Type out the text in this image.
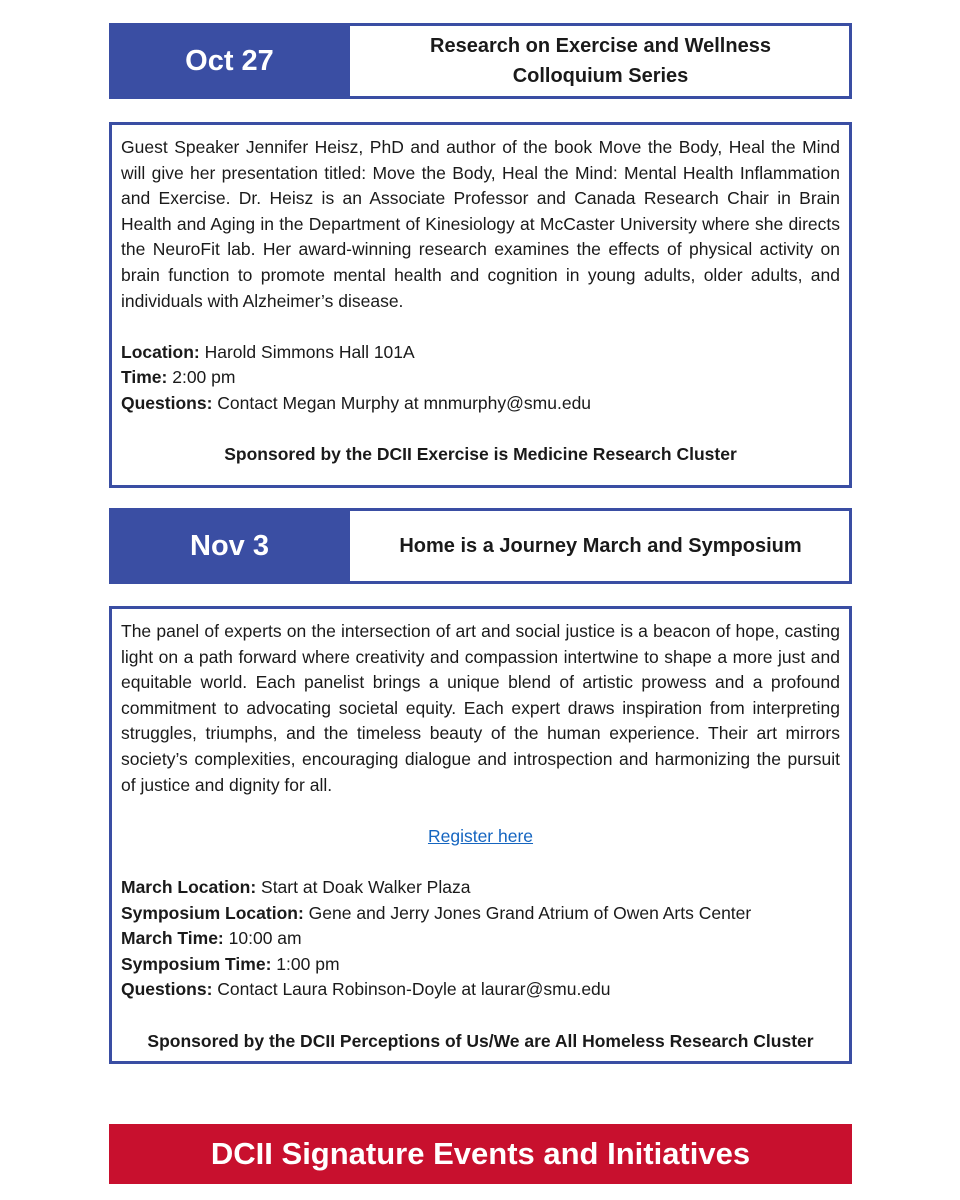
Oct 27	Research on Exercise and Wellness
Colloquium Series

Guest Speaker Jennifer Heisz, PhD and author of the book Move the Body, Heal the Mind will give her presentation titled: Move the Body, Heal the Mind: Mental Health Inflammation and Exercise. Dr. Heisz is an Associate Professor and Canada Research Chair in Brain Health and Aging in the Department of Kinesiology at McCaster University where she directs the NeuroFit lab. Her award-winning research examines the effects of physical activity on brain function to promote mental health and cognition in young adults, older adults, and individuals with Alzheimer’s disease.

Location: Harold Simmons Hall 101A

Time: 2:00 pm

Questions: Contact Megan Murphy at mnmurphy@smu.edu

Sponsored by the DCII Exercise is Medicine Research Cluster

Nov 3	Home is a Journey March and Symposium

The panel of experts on the intersection of art and social justice is a beacon of hope, casting light on a path forward where creativity and compassion intertwine to shape a more just and equitable world. Each panelist brings a unique blend of artistic prowess and a profound commitment to advocating societal equity. Each expert draws inspiration from interpreting struggles, triumphs, and the timeless beauty of the human experience. Their art mirrors society’s complexities, encouraging dialogue and introspection and harmonizing the pursuit of justice and dignity for all.

Register here

March Location: Start at Doak Walker Plaza

Symposium Location: Gene and Jerry Jones Grand Atrium of Owen Arts Center

March Time: 10:00 am

Symposium Time: 1:00 pm

Questions: Contact Laura Robinson-Doyle at laurar@smu.edu

Sponsored by the DCII Perceptions of Us/We are All Homeless Research Cluster

DCII Signature Events and Initiatives
